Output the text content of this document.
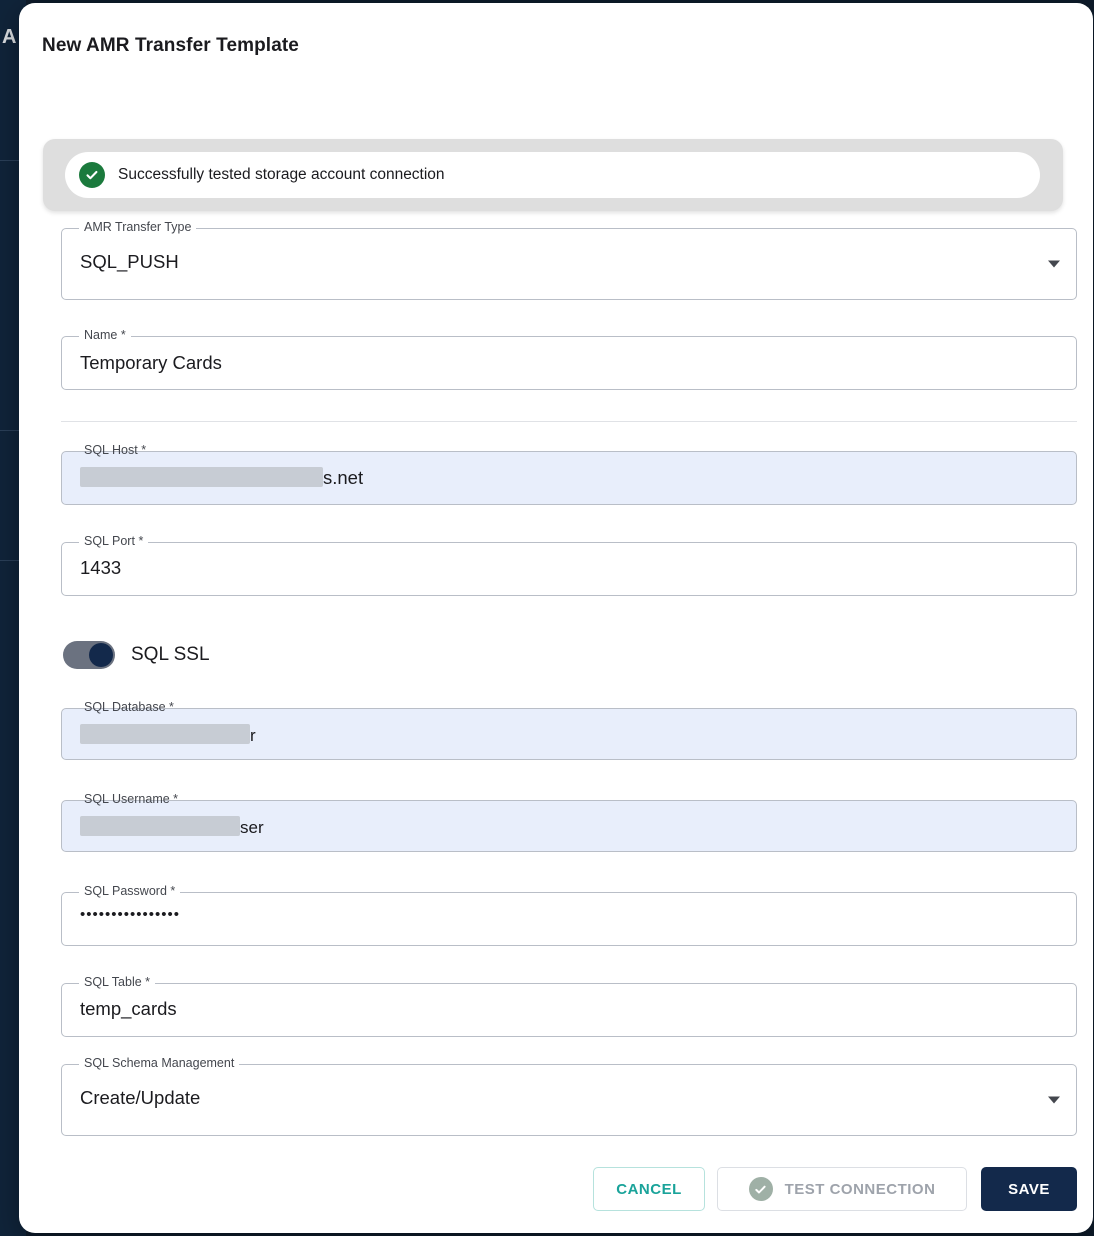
A New AMR Transfer Template
Successfully tested storage account connection
AMR Transfer Type
SQL_PUSH
Name *
Temporary Cards
SQL Host *
s.net
SQL Port *
1433
SQL SSL
SQL Database *
r
SQL Username *
ser
SQL Password *
••••••••••••••••
SQL Table *
temp_cards
SQL Schema Management
Create/Update
CANCEL	TEST CONNECTION	SAVE
